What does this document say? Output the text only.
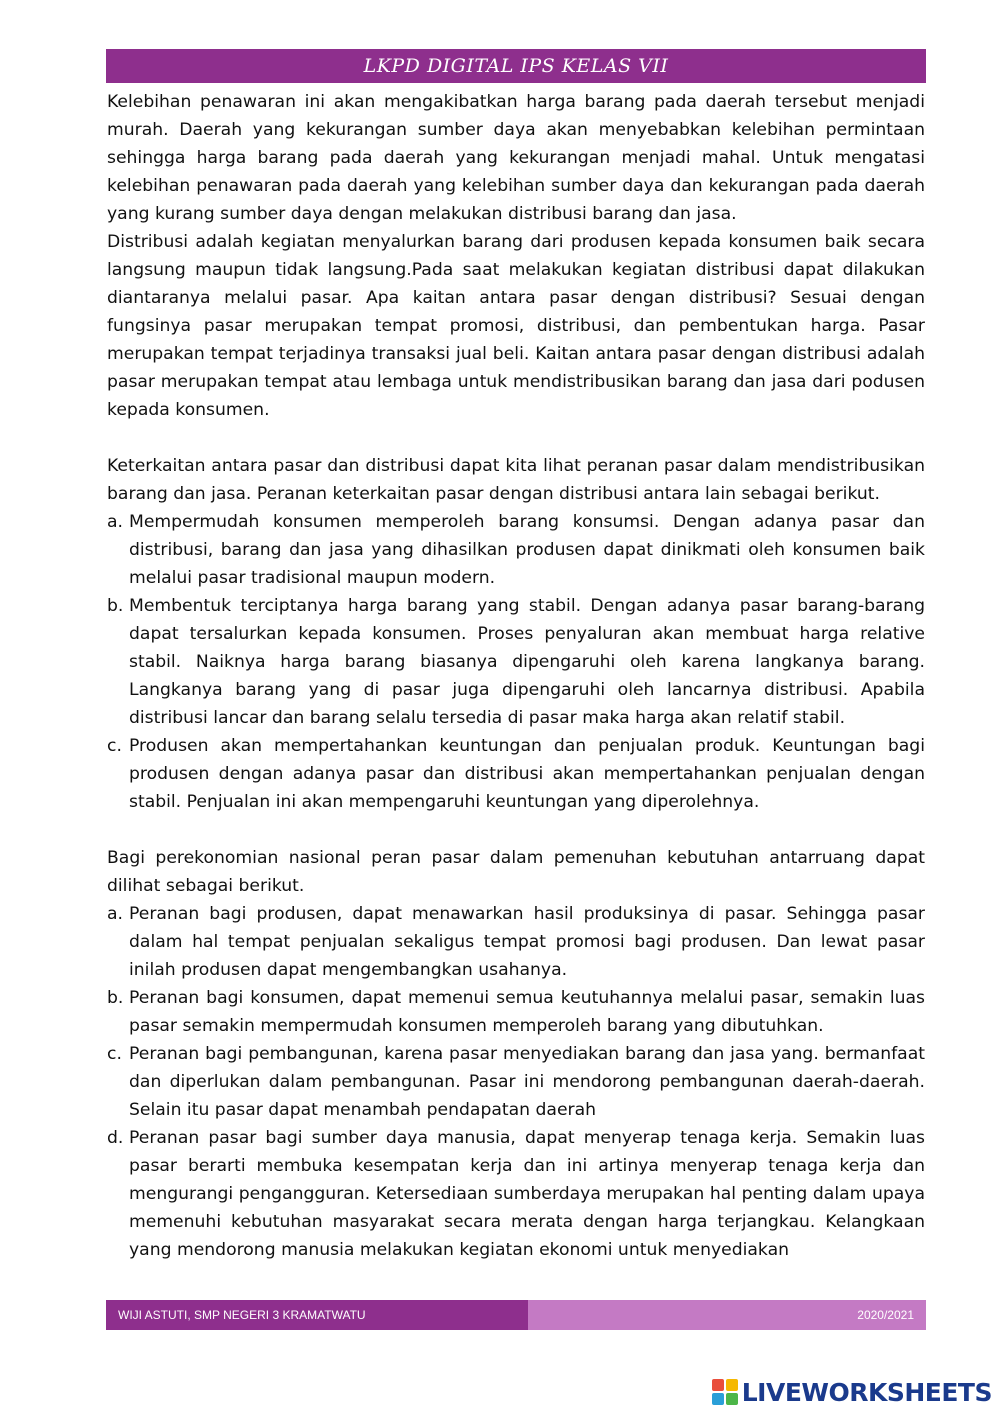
LKPD DIGITAL IPS KELAS VII

Kelebihan penawaran ini akan mengakibatkan harga barang pada daerah tersebut menjadi murah. Daerah yang kekurangan sumber daya akan menyebabkan kelebihan permintaan sehingga harga barang pada daerah yang kekurangan menjadi mahal. Untuk mengatasi kelebihan penawaran pada daerah yang kelebihan sumber daya dan kekurangan pada daerah yang kurang sumber daya dengan melakukan distribusi barang dan jasa.

Distribusi adalah kegiatan menyalurkan barang dari produsen kepada konsumen baik secara langsung maupun tidak langsung.Pada saat melakukan kegiatan distribusi dapat dilakukan diantaranya melalui pasar. Apa kaitan antara pasar dengan distribusi? Sesuai dengan fungsinya pasar merupakan tempat promosi, distribusi, dan pembentukan harga. Pasar merupakan tempat terjadinya transaksi jual beli. Kaitan antara pasar dengan distribusi adalah pasar merupakan tempat atau lembaga untuk mendistribusikan barang dan jasa dari podusen kepada konsumen.

Keterkaitan antara pasar dan distribusi dapat kita lihat peranan pasar dalam mendistribusikan barang dan jasa. Peranan keterkaitan pasar dengan distribusi antara lain sebagai berikut.

a. Mempermudah konsumen memperoleh barang konsumsi. Dengan adanya pasar dan distribusi, barang dan jasa yang dihasilkan produsen dapat dinikmati oleh konsumen baik melalui pasar tradisional maupun modern.
b. Membentuk terciptanya harga barang yang stabil. Dengan adanya pasar barang-barang dapat tersalurkan kepada konsumen. Proses penyaluran akan membuat harga relative stabil. Naiknya harga barang biasanya dipengaruhi oleh karena langkanya barang. Langkanya barang yang di pasar juga dipengaruhi oleh lancarnya distribusi. Apabila distribusi lancar dan barang selalu tersedia di pasar maka harga akan relatif stabil.
c. Produsen akan mempertahankan keuntungan dan penjualan produk. Keuntungan bagi produsen dengan adanya pasar dan distribusi akan mempertahankan penjualan dengan stabil. Penjualan ini akan mempengaruhi keuntungan yang diperolehnya.

Bagi perekonomian nasional peran pasar dalam pemenuhan kebutuhan antarruang dapat dilihat sebagai berikut.

a. Peranan bagi produsen, dapat menawarkan hasil produksinya di pasar. Sehingga pasar dalam hal tempat penjualan sekaligus tempat promosi bagi produsen. Dan lewat pasar inilah produsen dapat mengembangkan usahanya.
b. Peranan bagi konsumen, dapat memenui semua keutuhannya melalui pasar, semakin luas pasar semakin mempermudah konsumen memperoleh barang yang dibutuhkan.
c. Peranan bagi pembangunan, karena pasar menyediakan barang dan jasa yang. bermanfaat dan diperlukan dalam pembangunan. Pasar ini mendorong pembangunan daerah-daerah. Selain itu pasar dapat menambah pendapatan daerah
d. Peranan pasar bagi sumber daya manusia, dapat menyerap tenaga kerja. Semakin luas pasar berarti membuka kesempatan kerja dan ini artinya menyerap tenaga kerja dan mengurangi pengangguran. Ketersediaan sumberdaya merupakan hal penting dalam upaya memenuhi kebutuhan masyarakat secara merata dengan harga terjangkau. Kelangkaan yang mendorong manusia melakukan kegiatan ekonomi untuk menyediakan
WIJI ASTUTI, SMP NEGERI 3 KRAMATWATU	2020/2021
LIVEWORKSHEETS
